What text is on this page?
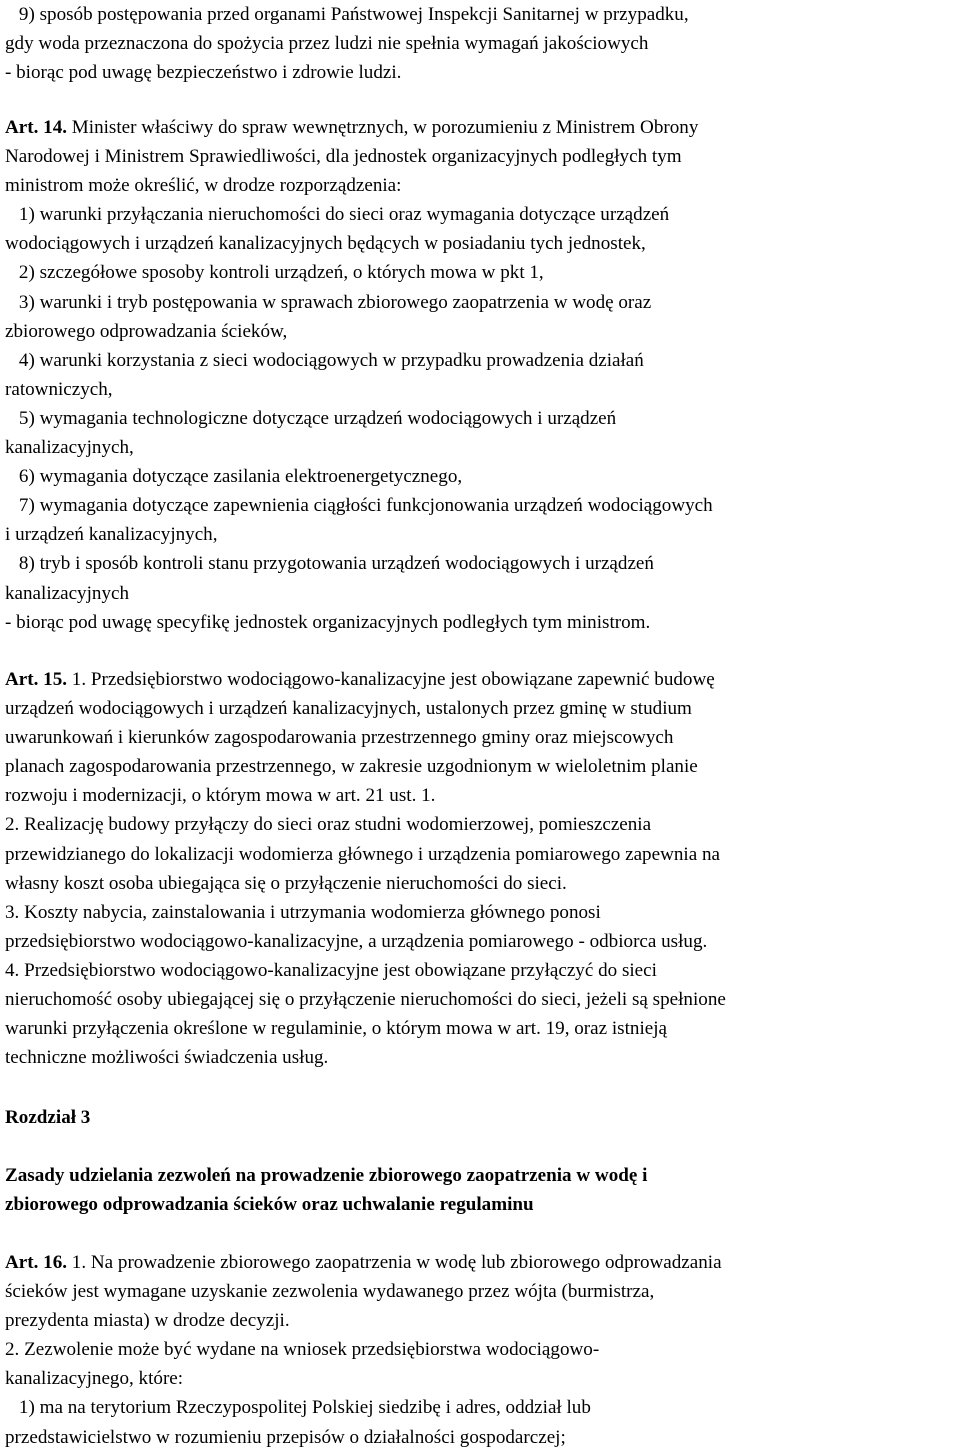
9) sposób postępowania przed organami Państwowej Inspekcji Sanitarnej w przypadku,
gdy woda przeznaczona do spożycia przez ludzi nie spełnia wymagań jakościowych
- biorąc pod uwagę bezpieczeństwo i zdrowie ludzi.
Art. 14. Minister właściwy do spraw wewnętrznych, w porozumieniu z Ministrem Obrony
Narodowej i Ministrem Sprawiedliwości, dla jednostek organizacyjnych podległych tym
ministrom może określić, w drodze rozporządzenia:
1) warunki przyłączania nieruchomości do sieci oraz wymagania dotyczące urządzeń
wodociągowych i urządzeń kanalizacyjnych będących w posiadaniu tych jednostek,
2) szczegółowe sposoby kontroli urządzeń, o których mowa w pkt 1,
3) warunki i tryb postępowania w sprawach zbiorowego zaopatrzenia w wodę oraz
zbiorowego odprowadzania ścieków,
4) warunki korzystania z sieci wodociągowych w przypadku prowadzenia działań
ratowniczych,
5) wymagania technologiczne dotyczące urządzeń wodociągowych i urządzeń
kanalizacyjnych,
6) wymagania dotyczące zasilania elektroenergetycznego,
7) wymagania dotyczące zapewnienia ciągłości funkcjonowania urządzeń wodociągowych
i urządzeń kanalizacyjnych,
8) tryb i sposób kontroli stanu przygotowania urządzeń wodociągowych i urządzeń
kanalizacyjnych
- biorąc pod uwagę specyfikę jednostek organizacyjnych podległych tym ministrom.
Art. 15. 1. Przedsiębiorstwo wodociągowo-kanalizacyjne jest obowiązane zapewnić budowę
urządzeń wodociągowych i urządzeń kanalizacyjnych, ustalonych przez gminę w studium
uwarunkowań i kierunków zagospodarowania przestrzennego gminy oraz miejscowych
planach zagospodarowania przestrzennego, w zakresie uzgodnionym w wieloletnim planie
rozwoju i modernizacji, o którym mowa w art. 21 ust. 1.
2. Realizację budowy przyłączy do sieci oraz studni wodomierzowej, pomieszczenia
przewidzianego do lokalizacji wodomierza głównego i urządzenia pomiarowego zapewnia na
własny koszt osoba ubiegająca się o przyłączenie nieruchomości do sieci.
3. Koszty nabycia, zainstalowania i utrzymania wodomierza głównego ponosi
przedsiębiorstwo wodociągowo-kanalizacyjne, a urządzenia pomiarowego - odbiorca usług.
4. Przedsiębiorstwo wodociągowo-kanalizacyjne jest obowiązane przyłączyć do sieci
nieruchomość osoby ubiegającej się o przyłączenie nieruchomości do sieci, jeżeli są spełnione
warunki przyłączenia określone w regulaminie, o którym mowa w art. 19, oraz istnieją
techniczne możliwości świadczenia usług.
Rozdział 3
Zasady udzielania zezwoleń na prowadzenie zbiorowego zaopatrzenia w wodę i
zbiorowego odprowadzania ścieków oraz uchwalanie regulaminu
Art. 16. 1. Na prowadzenie zbiorowego zaopatrzenia w wodę lub zbiorowego odprowadzania
ścieków jest wymagane uzyskanie zezwolenia wydawanego przez wójta (burmistrza,
prezydenta miasta) w drodze decyzji.
2. Zezwolenie może być wydane na wniosek przedsiębiorstwa wodociągowo-
kanalizacyjnego, które:
1) ma na terytorium Rzeczypospolitej Polskiej siedzibę i adres, oddział lub
przedstawicielstwo w rozumieniu przepisów o działalności gospodarczej;
